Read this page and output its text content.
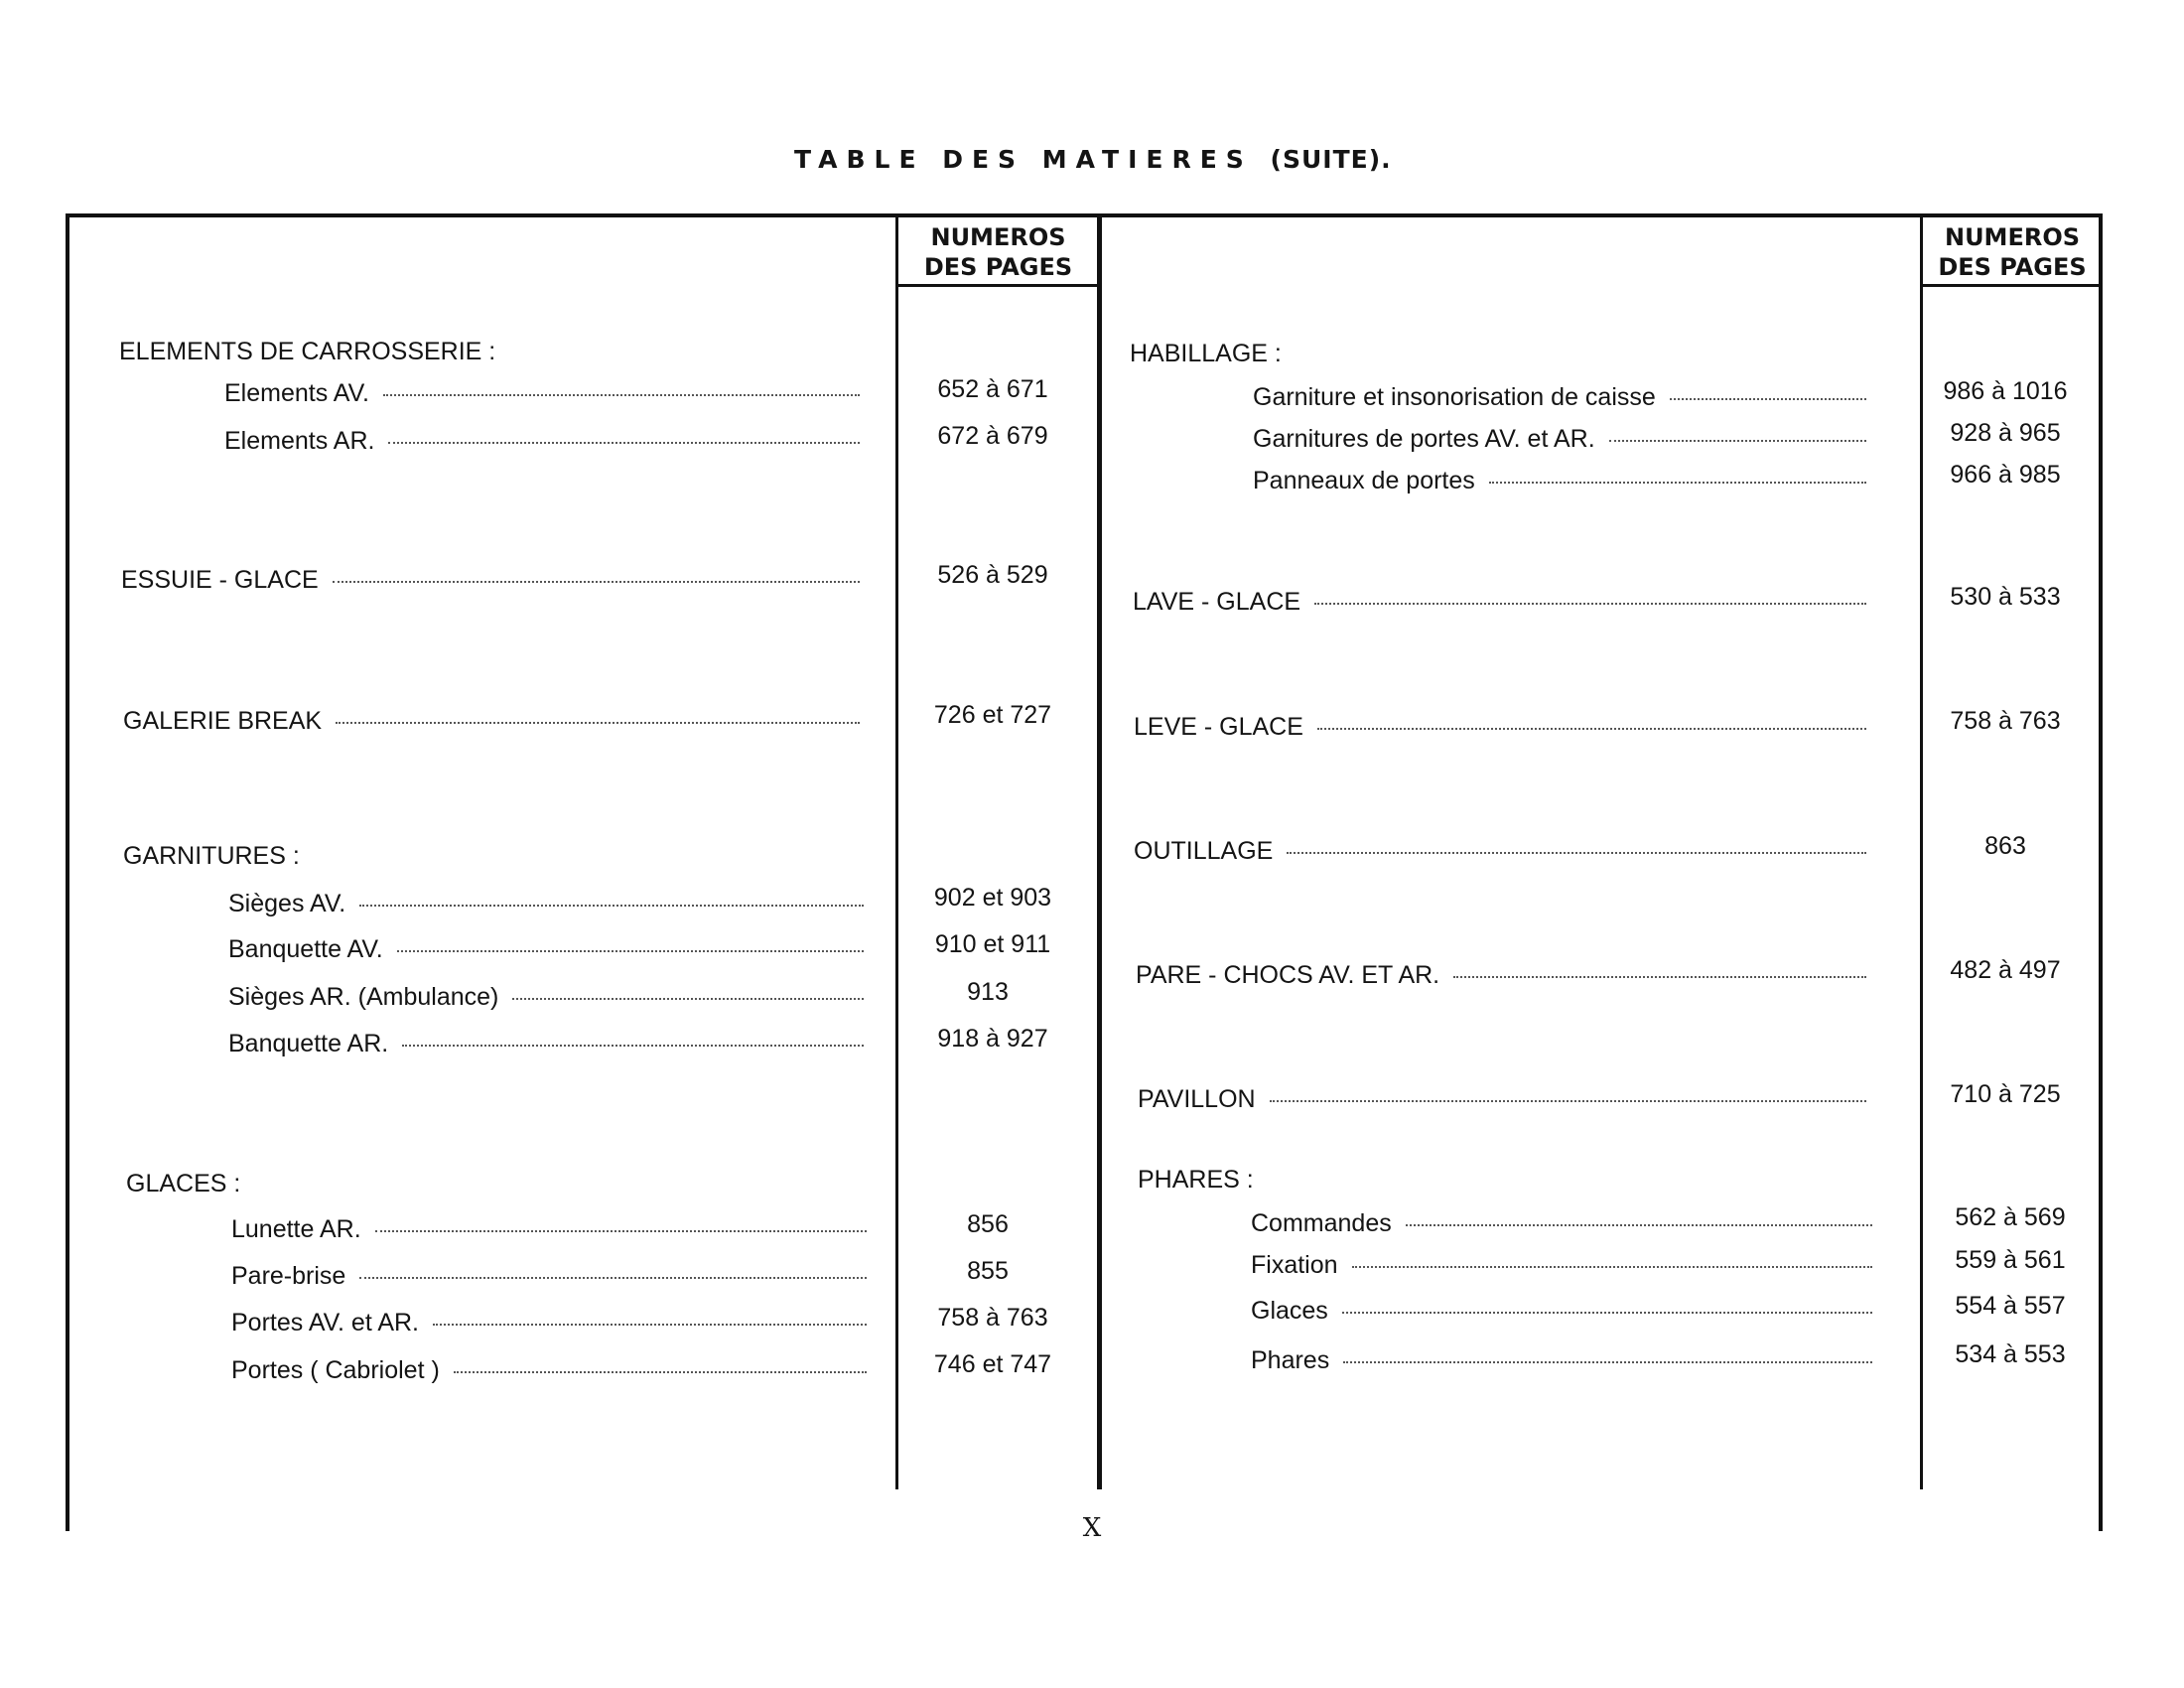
TABLE DES MATIERES (SUITE).
NUMEROS
DES PAGES
NUMEROS
DES PAGES
ELEMENTS DE CARROSSERIE :
Elements AV.	652 à 671
Elements AR.	672 à 679
ESSUIE - GLACE	526 à 529
GALERIE BREAK	726 et 727
GARNITURES :
Sièges AV.	902 et 903
Banquette AV.	910 et 911
Sièges AR. (Ambulance)	913
Banquette AR.	918 à 927
GLACES :
Lunette AR.	856
Pare-brise	855
Portes AV. et AR.	758 à 763
Portes ( Cabriolet )	746 et 747
HABILLAGE :
Garniture et insonorisation de caisse	986 à 1016
Garnitures de portes AV. et AR.	928 à 965
Panneaux de portes	966 à 985
LAVE - GLACE	530 à 533
LEVE - GLACE	758 à 763
OUTILLAGE	863
PARE - CHOCS AV. ET AR.	482 à 497
PAVILLON	710 à 725
PHARES :
Commandes	562 à 569
Fixation	559 à 561
Glaces	554 à 557
Phares	534 à 553
X
